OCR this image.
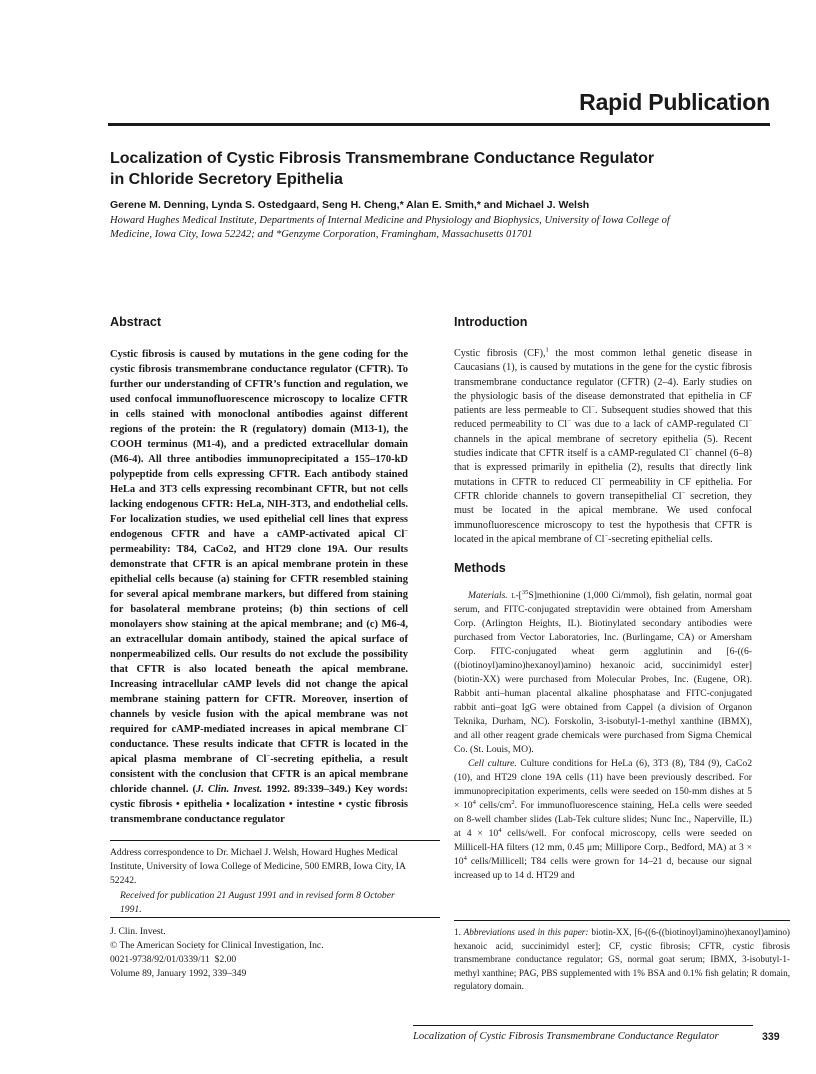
Rapid Publication
Localization of Cystic Fibrosis Transmembrane Conductance Regulator in Chloride Secretory Epithelia
Gerene M. Denning, Lynda S. Ostedgaard, Seng H. Cheng,* Alan E. Smith,* and Michael J. Welsh
Howard Hughes Medical Institute, Departments of Internal Medicine and Physiology and Biophysics, University of Iowa College of Medicine, Iowa City, Iowa 52242; and *Genzyme Corporation, Framingham, Massachusetts 01701
Abstract

Cystic fibrosis is caused by mutations in the gene coding for the cystic fibrosis transmembrane conductance regulator (CFTR). To further our understanding of CFTR’s function and regulation, we used confocal immunofluorescence microscopy to localize CFTR in cells stained with monoclonal antibodies against different regions of the protein: the R (regulatory) domain (M13-1), the COOH terminus (M1-4), and a predicted extracellular domain (M6-4). All three antibodies immunoprecipitated a 155–170-kD polypeptide from cells expressing CFTR. Each antibody stained HeLa and 3T3 cells expressing recombinant CFTR, but not cells lacking endogenous CFTR: HeLa, NIH-3T3, and endothelial cells. For localization studies, we used epithelial cell lines that express endogenous CFTR and have a cAMP-activated apical Cl− permeability: T84, CaCo2, and HT29 clone 19A. Our results demonstrate that CFTR is an apical membrane protein in these epithelial cells because (a) staining for CFTR resembled staining for several apical membrane markers, but differed from staining for basolateral membrane proteins; (b) thin sections of cell monolayers show staining at the apical membrane; and (c) M6-4, an extracellular domain antibody, stained the apical surface of nonpermeabilized cells. Our results do not exclude the possibility that CFTR is also located beneath the apical membrane. Increasing intracellular cAMP levels did not change the apical membrane staining pattern for CFTR. Moreover, insertion of channels by vesicle fusion with the apical membrane was not required for cAMP-mediated increases in apical membrane Cl− conductance. These results indicate that CFTR is located in the apical plasma membrane of Cl−-secreting epithelia, a result consistent with the conclusion that CFTR is an apical membrane chloride channel. (J. Clin. Invest. 1992. 89:339–349.) Key words: cystic fibrosis • epithelia • localization • intestine • cystic fibrosis transmembrane conductance regulator

Address correspondence to Dr. Michael J. Welsh, Howard Hughes Medical Institute, University of Iowa College of Medicine, 500 EMRB, Iowa City, IA 52242.
Received for publication 21 August 1991 and in revised form 8 October 1991.
J. Clin. Invest.
© The American Society for Clinical Investigation, Inc.
0021-9738/92/01/0339/11  $2.00
Volume 89, January 1992, 339–349
Introduction

Cystic fibrosis (CF),$^1$ the most common lethal genetic disease in Caucasians (1), is caused by mutations in the gene for the cystic fibrosis transmembrane conductance regulator (CFTR) (2–4). Early studies on the physiologic basis of the disease demonstrated that epithelia in CF patients are less permeable to Cl−. Subsequent studies showed that this reduced permeability to Cl− was due to a lack of cAMP-regulated Cl− channels in the apical membrane of secretory epithelia (5). Recent studies indicate that CFTR itself is a cAMP-regulated Cl− channel (6–8) that is expressed primarily in epithelia (2), results that directly link mutations in CFTR to reduced Cl− permeability in CF epithelia. For CFTR chloride channels to govern transepithelial Cl− secretion, they must be located in the apical membrane. We used confocal immunofluorescence microscopy to test the hypothesis that CFTR is located in the apical membrane of Cl−-secreting epithelial cells.

Methods

Materials. l-[$^{35}$S]methionine (1,000 Ci/mmol), fish gelatin, normal goat serum, and FITC-conjugated streptavidin were obtained from Amersham Corp. (Arlington Heights, IL). Biotinylated secondary antibodies were purchased from Vector Laboratories, Inc. (Burlingame, CA) or Amersham Corp. FITC-conjugated wheat germ agglutinin and [6-((6-((biotinoyl)amino)hexanoyl)amino) hexanoic acid, succinimidyl ester] (biotin-XX) were purchased from Molecular Probes, Inc. (Eugene, OR). Rabbit anti–human placental alkaline phosphatase and FITC-conjugated rabbit anti–goat IgG were obtained from Cappel (a division of Organon Teknika, Durham, NC). Forskolin, 3-isobutyl-1-methyl xanthine (IBMX), and all other reagent grade chemicals were purchased from Sigma Chemical Co. (St. Louis, MO).

Cell culture. Culture conditions for HeLa (6), 3T3 (8), T84 (9), CaCo2 (10), and HT29 clone 19A cells (11) have been previously described. For immunoprecipitation experiments, cells were seeded on 150-mm dishes at $5 \times 10^4$ cells/$cm^2$. For immunofluorescence staining, HeLa cells were seeded on 8-well chamber slides (Lab-Tek culture slides; Nunc Inc., Naperville, IL) at $4 \times 10^4$ cells/well. For confocal microscopy, cells were seeded on Millicell-HA filters (12 mm, 0.45 μm; Millipore Corp., Bedford, MA) at $3 \times 10^4$ cells/Millicell; T84 cells were grown for 14–21 d, because our signal increased up to 14 d. HT29 and

1. Abbreviations used in this paper: biotin-XX, [6-((6-((biotinoyl)amino)hexanoyl)amino) hexanoic acid, succinimidyl ester]; CF, cystic fibrosis; CFTR, cystic fibrosis transmembrane conductance regulator; GS, normal goat serum; IBMX, 3-isobutyl-1-methyl xanthine; PAG, PBS supplemented with 1% BSA and 0.1% fish gelatin; R domain, regulatory domain.
Localization of Cystic Fibrosis Transmembrane Conductance Regulator	339
